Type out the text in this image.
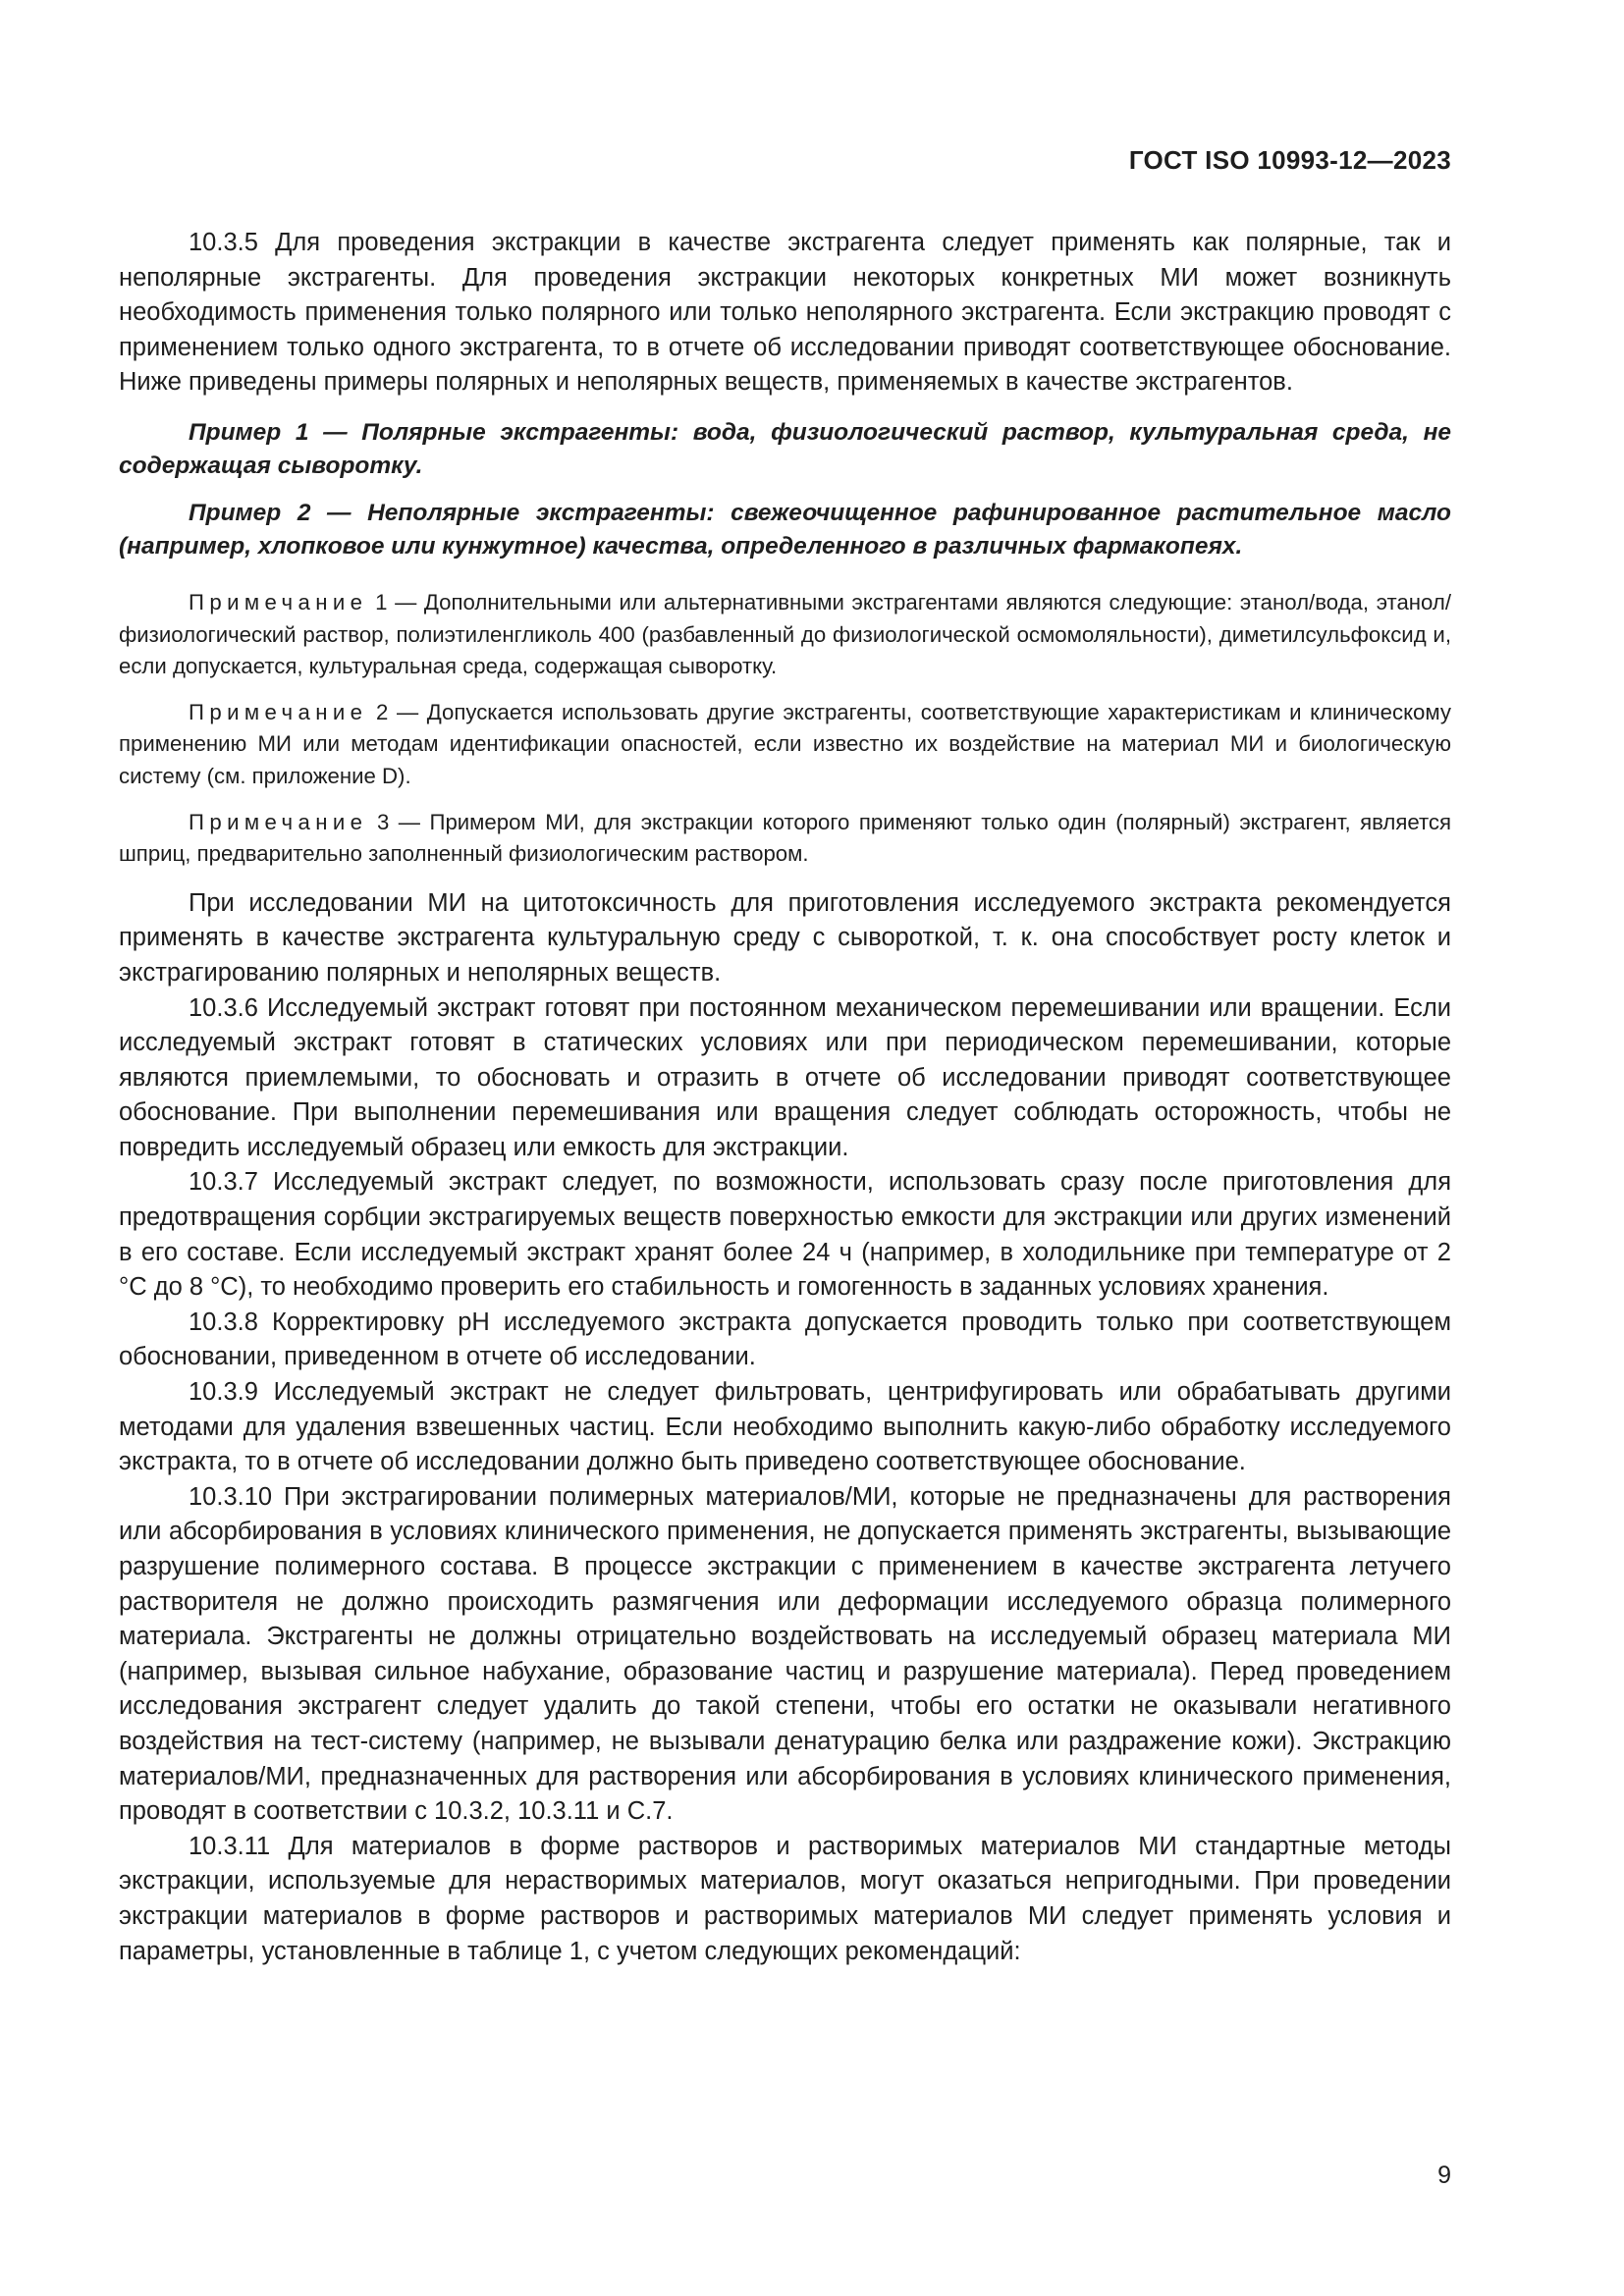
ГОСТ ISO 10993-12—2023

10.3.5 Для проведения экстракции в качестве экстрагента следует применять как полярные, так и неполярные экстрагенты. Для проведения экстракции некоторых конкретных МИ может возникнуть необходимость применения только полярного или только неполярного экстрагента. Если экстракцию проводят с применением только одного экстрагента, то в отчете об исследовании приводят соответствующее обоснование. Ниже приведены примеры полярных и неполярных веществ, применяемых в качестве экстрагентов.

Пример 1 — Полярные экстрагенты: вода, физиологический раствор, культуральная среда, не содержащая сыворотку.

Пример 2 — Неполярные экстрагенты: свежеочищенное рафинированное растительное масло (например, хлопковое или кунжутное) качества, определенного в различных фармакопеях.

Примечание 1 — Дополнительными или альтернативными экстрагентами являются следующие: этанол/вода, этанол/физиологический раствор, полиэтиленгликоль 400 (разбавленный до физиологической осмомоляльности), диметилсульфоксид и, если допускается, культуральная среда, содержащая сыворотку.

Примечание 2 — Допускается использовать другие экстрагенты, соответствующие характеристикам и клиническому применению МИ или методам идентификации опасностей, если известно их воздействие на материал МИ и биологическую систему (см. приложение D).

Примечание 3 — Примером МИ, для экстракции которого применяют только один (полярный) экстрагент, является шприц, предварительно заполненный физиологическим раствором.

При исследовании МИ на цитотоксичность для приготовления исследуемого экстракта рекомендуется применять в качестве экстрагента культуральную среду с сывороткой, т. к. она способствует росту клеток и экстрагированию полярных и неполярных веществ.

10.3.6 Исследуемый экстракт готовят при постоянном механическом перемешивании или вращении. Если исследуемый экстракт готовят в статических условиях или при периодическом перемешивании, которые являются приемлемыми, то обосновать и отразить в отчете об исследовании приводят соответствующее обоснование. При выполнении перемешивания или вращения следует соблюдать осторожность, чтобы не повредить исследуемый образец или емкость для экстракции.

10.3.7 Исследуемый экстракт следует, по возможности, использовать сразу после приготовления для предотвращения сорбции экстрагируемых веществ поверхностью емкости для экстракции или других изменений в его составе. Если исследуемый экстракт хранят более 24 ч (например, в холодильнике при температуре от 2 °С до 8 °С), то необходимо проверить его стабильность и гомогенность в заданных условиях хранения.

10.3.8 Корректировку pH исследуемого экстракта допускается проводить только при соответствующем обосновании, приведенном в отчете об исследовании.

10.3.9 Исследуемый экстракт не следует фильтровать, центрифугировать или обрабатывать другими методами для удаления взвешенных частиц. Если необходимо выполнить какую-либо обработку исследуемого экстракта, то в отчете об исследовании должно быть приведено соответствующее обоснование.

10.3.10 При экстрагировании полимерных материалов/МИ, которые не предназначены для растворения или абсорбирования в условиях клинического применения, не допускается применять экстрагенты, вызывающие разрушение полимерного состава. В процессе экстракции с применением в качестве экстрагента летучего растворителя не должно происходить размягчения или деформации исследуемого образца полимерного материала. Экстрагенты не должны отрицательно воздействовать на исследуемый образец материала МИ (например, вызывая сильное набухание, образование частиц и разрушение материала). Перед проведением исследования экстрагент следует удалить до такой степени, чтобы его остатки не оказывали негативного воздействия на тест-систему (например, не вызывали денатурацию белка или раздражение кожи). Экстракцию материалов/МИ, предназначенных для растворения или абсорбирования в условиях клинического применения, проводят в соответствии с 10.3.2, 10.3.11 и С.7.

10.3.11 Для материалов в форме растворов и растворимых материалов МИ стандартные методы экстракции, используемые для нерастворимых материалов, могут оказаться непригодными. При проведении экстракции материалов в форме растворов и растворимых материалов МИ следует применять условия и параметры, установленные в таблице 1, с учетом следующих рекомендаций:

9
